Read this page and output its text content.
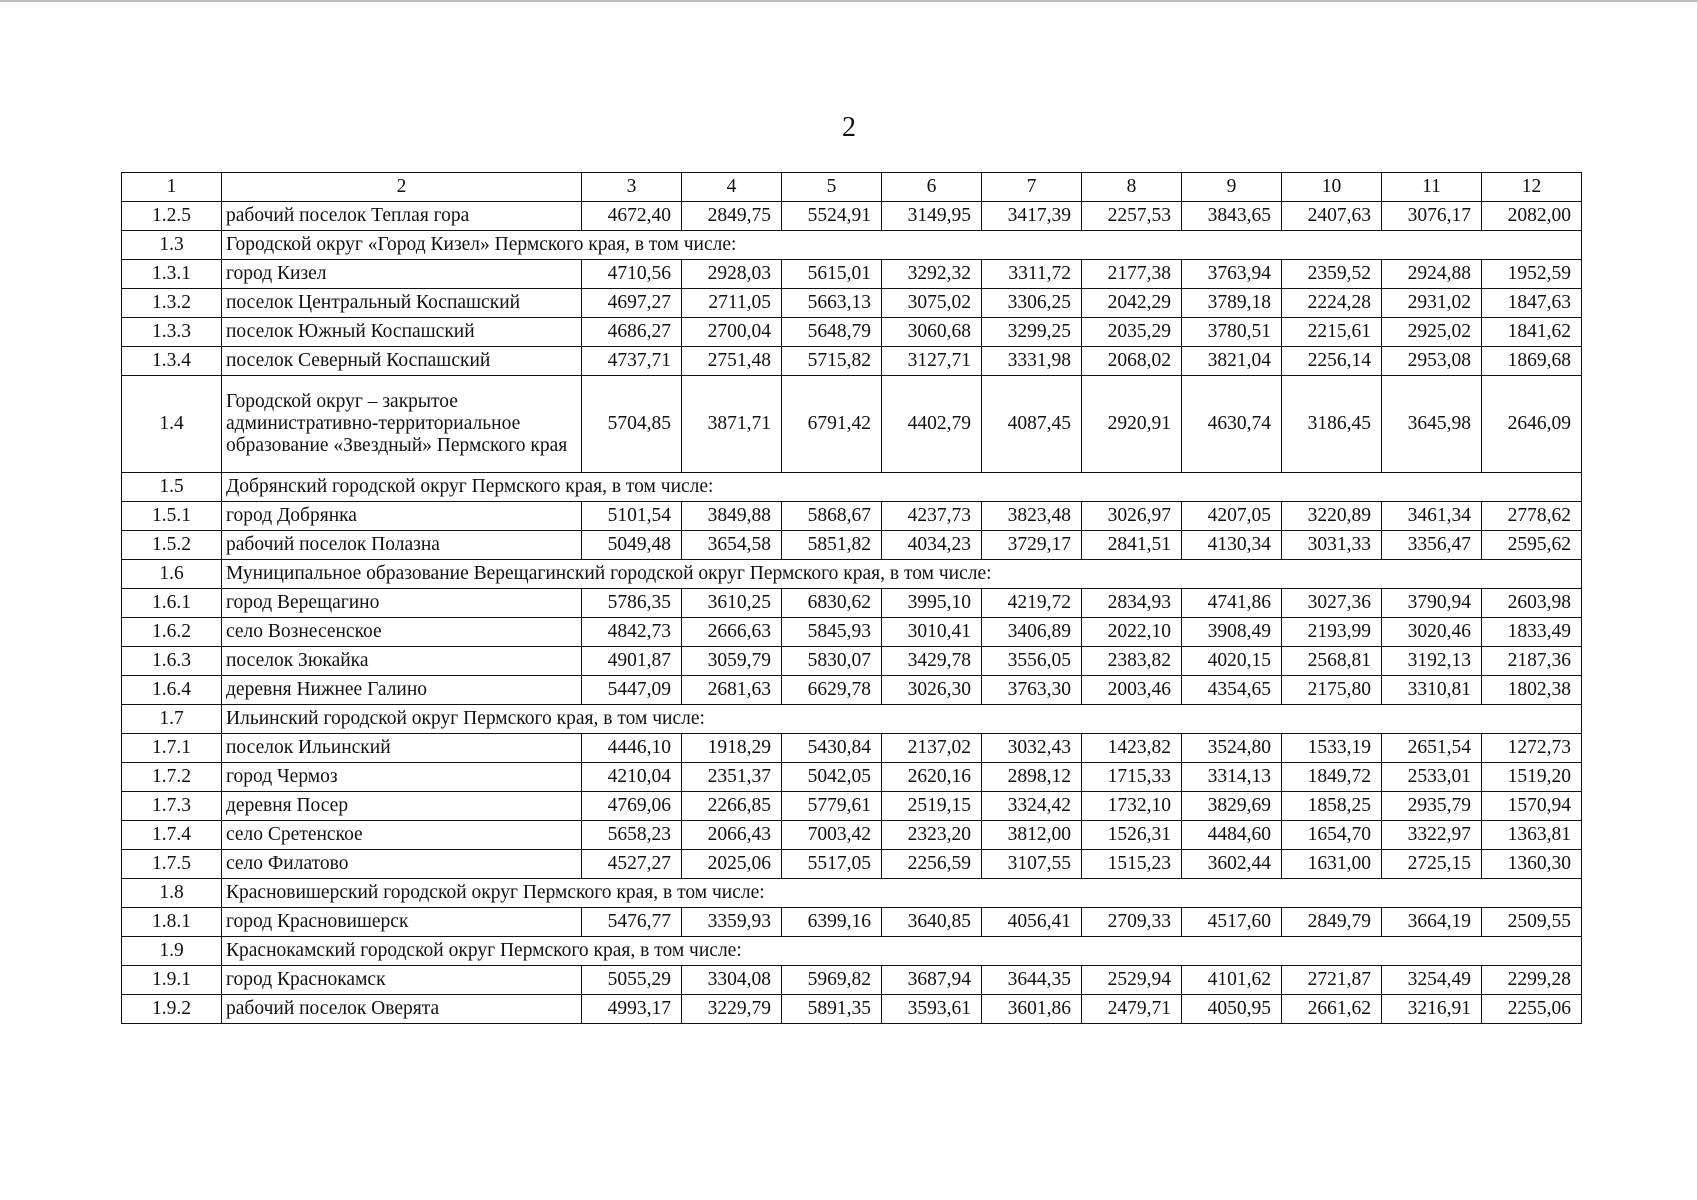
2
1	2	3	4	5	6	7	8	9	10	11	12
1.2.5	рабочий поселок Теплая гора	4672,40	2849,75	5524,91	3149,95	3417,39	2257,53	3843,65	2407,63	3076,17	2082,00
1.3	Городской округ «Город Кизел» Пермского края, в том числе:										
1.3.1	город Кизел	4710,56	2928,03	5615,01	3292,32	3311,72	2177,38	3763,94	2359,52	2924,88	1952,59
1.3.2	поселок Центральный Коспашский	4697,27	2711,05	5663,13	3075,02	3306,25	2042,29	3789,18	2224,28	2931,02	1847,63
1.3.3	поселок Южный Коспашский	4686,27	2700,04	5648,79	3060,68	3299,25	2035,29	3780,51	2215,61	2925,02	1841,62
1.3.4	поселок Северный Коспашский	4737,71	2751,48	5715,82	3127,71	3331,98	2068,02	3821,04	2256,14	2953,08	1869,68
1.4	Городской округ – закрытое административно-территориальное образование «Звездный» Пермского края	5704,85	3871,71	6791,42	4402,79	4087,45	2920,91	4630,74	3186,45	3645,98	2646,09
1.5	Добрянский городской округ Пермского края, в том числе:										
1.5.1	город Добрянка	5101,54	3849,88	5868,67	4237,73	3823,48	3026,97	4207,05	3220,89	3461,34	2778,62
1.5.2	рабочий поселок Полазна	5049,48	3654,58	5851,82	4034,23	3729,17	2841,51	4130,34	3031,33	3356,47	2595,62
1.6	Муниципальное образование Верещагинский городской округ Пермского края, в том числе:										
1.6.1	город Верещагино	5786,35	3610,25	6830,62	3995,10	4219,72	2834,93	4741,86	3027,36	3790,94	2603,98
1.6.2	село Вознесенское	4842,73	2666,63	5845,93	3010,41	3406,89	2022,10	3908,49	2193,99	3020,46	1833,49
1.6.3	поселок Зюкайка	4901,87	3059,79	5830,07	3429,78	3556,05	2383,82	4020,15	2568,81	3192,13	2187,36
1.6.4	деревня Нижнее Галино	5447,09	2681,63	6629,78	3026,30	3763,30	2003,46	4354,65	2175,80	3310,81	1802,38
1.7	Ильинский городской округ Пермского края, в том числе:										
1.7.1	поселок Ильинский	4446,10	1918,29	5430,84	2137,02	3032,43	1423,82	3524,80	1533,19	2651,54	1272,73
1.7.2	город Чермоз	4210,04	2351,37	5042,05	2620,16	2898,12	1715,33	3314,13	1849,72	2533,01	1519,20
1.7.3	деревня Посер	4769,06	2266,85	5779,61	2519,15	3324,42	1732,10	3829,69	1858,25	2935,79	1570,94
1.7.4	село Сретенское	5658,23	2066,43	7003,42	2323,20	3812,00	1526,31	4484,60	1654,70	3322,97	1363,81
1.7.5	село Филатово	4527,27	2025,06	5517,05	2256,59	3107,55	1515,23	3602,44	1631,00	2725,15	1360,30
1.8	Красновишерский городской округ Пермского края, в том числе:										
1.8.1	город Красновишерск	5476,77	3359,93	6399,16	3640,85	4056,41	2709,33	4517,60	2849,79	3664,19	2509,55
1.9	Краснокамский городской округ Пермского края, в том числе:										
1.9.1	город Краснокамск	5055,29	3304,08	5969,82	3687,94	3644,35	2529,94	4101,62	2721,87	3254,49	2299,28
1.9.2	рабочий поселок Оверята	4993,17	3229,79	5891,35	3593,61	3601,86	2479,71	4050,95	2661,62	3216,91	2255,06
